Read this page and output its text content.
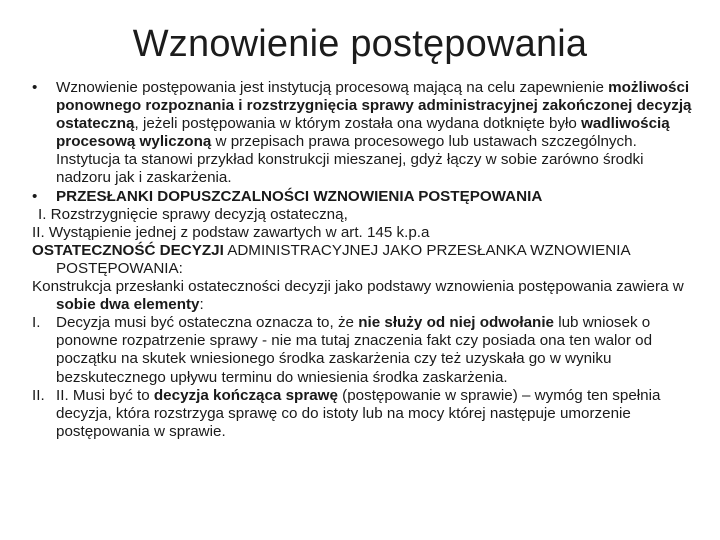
Wznowienie postępowania

•	Wznowienie postępowania jest instytucją procesową mającą na celu zapewnienie możliwości ponownego rozpoznania i rozstrzygnięcia sprawy administracyjnej zakończonej decyzją ostateczną, jeżeli postępowania w którym została ona wydana dotknięte było wadliwością procesową wyliczoną w przepisach prawa procesowego lub ustawach szczególnych. Instytucja ta stanowi przykład konstrukcji mieszanej, gdyż łączy w sobie zarówno środki nadzoru jak i zaskarżenia.

•	PRZESŁANKI DOPUSZCZALNOŚCI WZNOWIENIA POSTĘPOWANIA

I. Rozstrzygnięcie sprawy decyzją ostateczną,

II. Wystąpienie jednej z podstaw zawartych w art. 145 k.p.a

OSTATECZNOŚĆ DECYZJI ADMINISTRACYJNEJ JAKO PRZESŁANKA WZNOWIENIA POSTĘPOWANIA:

Konstrukcja przesłanki ostateczności decyzji jako podstawy wznowienia postępowania zawiera w sobie dwa elementy:

I. Decyzja musi być ostateczna oznacza to, że nie służy od niej odwołanie lub wniosek o ponowne rozpatrzenie sprawy - nie ma tutaj znaczenia fakt czy posiada ona ten walor od początku na skutek wniesionego środka zaskarżenia czy też uzyskała go w wyniku bezskutecznego upływu terminu do wniesienia środka zaskarżenia.

II. II. Musi być to decyzja kończąca sprawę (postępowanie w sprawie) – wymóg ten spełnia decyzja, która rozstrzyga sprawę co do istoty lub na mocy której następuje umorzenie postępowania w sprawie.
